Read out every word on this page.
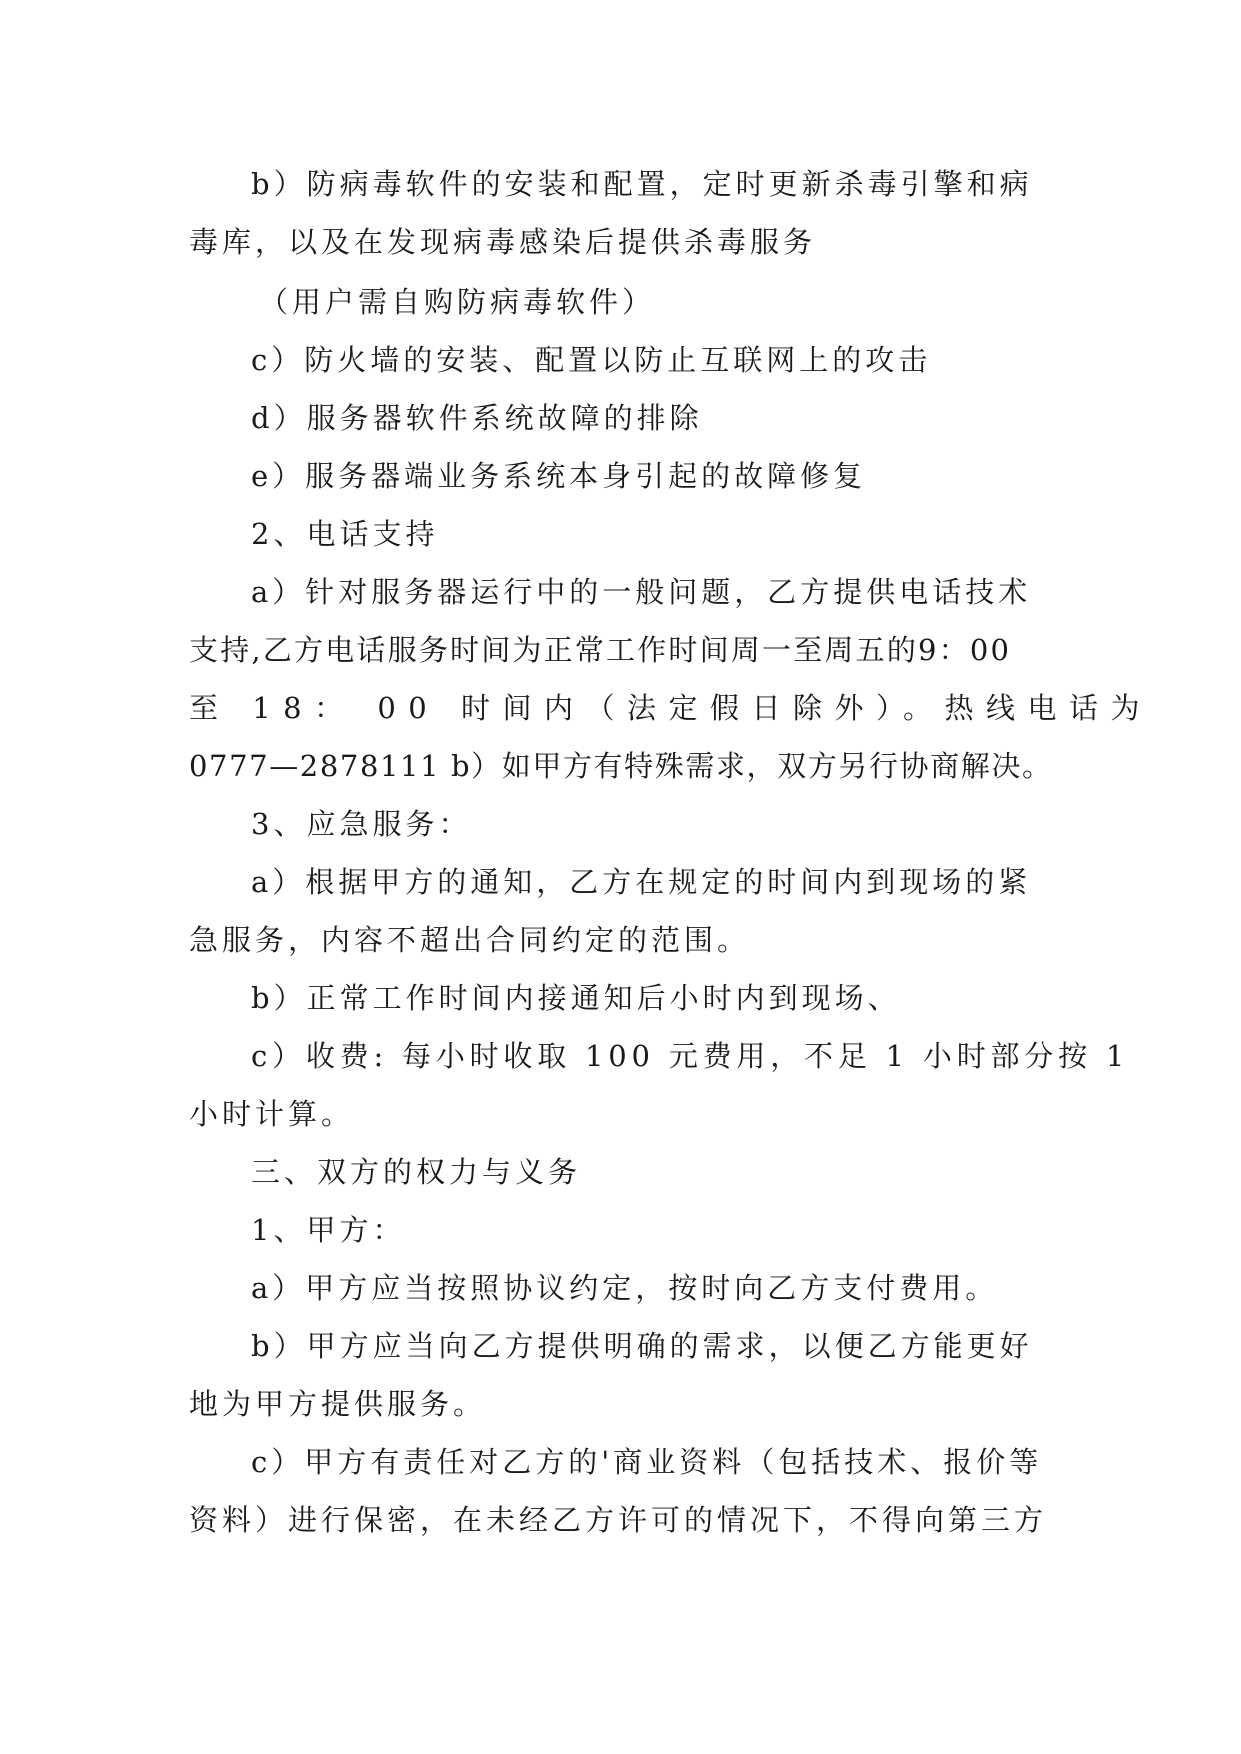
b）防病毒软件的安装和配置，定时更新杀毒引擎和病
毒库，以及在发现病毒感染后提供杀毒服务
（用户需自购防病毒软件）
c）防火墙的安装、配置以防止互联网上的攻击
d）服务器软件系统故障的排除
e）服务器端业务系统本身引起的故障修复
2、电话支持
a）针对服务器运行中的一般问题，乙方提供电话技术
支持,乙方电话服务时间为正常工作时间周一至周五的9：00
至 18： 00 时间内（法定假日除外）。热线电话为
0777—2878111 b）如甲方有特殊需求，双方另行协商解决。
3、应急服务：
a）根据甲方的通知，乙方在规定的时间内到现场的紧
急服务，内容不超出合同约定的范围。
b）正常工作时间内接通知后小时内到现场、
c）收费: 每小时收取 100 元费用，不足 1 小时部分按 1
小时计算。
三、双方的权力与义务
1、甲方：
a）甲方应当按照协议约定，按时向乙方支付费用。
b）甲方应当向乙方提供明确的需求，以便乙方能更好
地为甲方提供服务。
c）甲方有责任对乙方的'商业资料（包括技术、报价等
资料）进行保密，在未经乙方许可的情况下，不得向第三方
